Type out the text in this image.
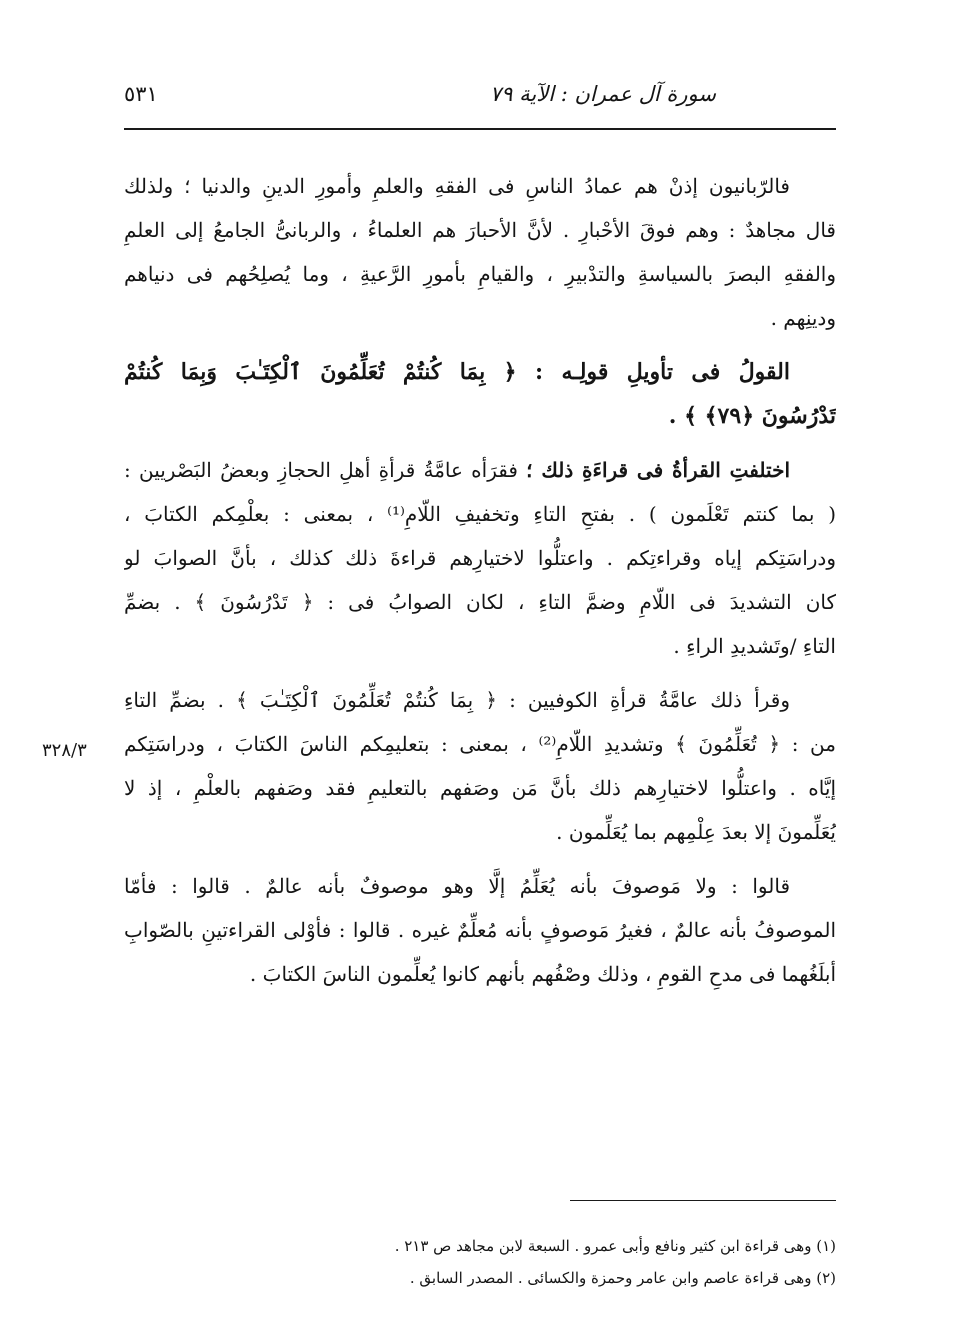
سورة آل عمران : الآية ٧٩
٥٣١
فالرّبانيون إذنْ هم عمادُ الناسِ فى الفقهِ والعلمِ وأمورِ الدينِ والدنيا ؛ ولذلك
قال مجاهدٌ : وهم فوقَ الأحْبارِ . لأنَّ الأحبارَ هم العلماءُ ، والربانىُّ الجامعُ إلى العلمِ
والفقهِ البصرَ بالسياسةِ والتدْبيرِ ، والقيامِ بأمورِ الرَّعيةِ ، وما يُصلِحُهم فى دنياهم
ودينِهم .
القولُ فى تأويلِ قولِـه : ﴿ بِمَا كُنتُمْ تُعَلِّمُونَ ٱلْكِتَـٰبَ وَبِمَا كُنتُمْ
تَدْرُسُونَ ﴿٧٩﴾ ﴾ .
اختلفتِ القرأةُ فى قراءَةِ ذلك ؛ فقرَأه عامَّةُ قرأةِ أهلِ الحجازِ وبعضُ البَصْريين :
( بما كنتم تَعْلَمون ) . بفتحِ التاءِ وتخفيفِ اللّامِ⁽¹⁾ ، بمعنى : بعلْمِكم الكتابَ ،
ودراسَتِكم إياه وقراءتِكم . واعتلُّوا لاختيارِهم قراءةَ ذلك كذلك ، بأنَّ الصوابَ لو
كان التشديدَ فى اللّامِ وضمَّ التاءِ ، لكان الصوابُ فى : ﴿ تَدْرُسُونَ ﴾ . بضمِّ
التاءِ /وتَشديدِ الراءِ .
وقرأ ذلك عامَّةُ قرأةِ الكوفيين : ﴿ بِمَا كُنتُمْ تُعَلِّمُونَ ٱلْكِتَـٰبَ ﴾ . بضمِّ التاءِ
من : ﴿ تُعَلِّمُونَ ﴾ وتشديدِ اللّامِ⁽²⁾ ، بمعنى : بتعليمِكم الناسَ الكتابَ ، ودراسَتِكم
إيَّاه . واعتلُّوا لاختيارِهم ذلك بأنَّ مَن وصَفهم بالتعليمِ فقد وصَفهم بالعلْمِ ، إذ لا
يُعَلِّمونَ إلا بعدَ عِلْمِهم بما يُعَلِّمون .
قالوا : ولا مَوصوفَ بأنه يُعَلِّمُ إلَّا وهو موصوفٌ بأنه عالمٌ . قالوا : فأمّا
الموصوفُ بأنه عالمٌ ، فغيرُ مَوصوفٍ بأنه مُعلِّمٌ غيره . قالوا : فأوْلى القراءتينِ بالصّوابِ
أبلَغُهما فى مدحِ القومِ ، وذلك وصْفُهم بأنهم كانوا يُعلِّمون الناسَ الكتابَ .
٣٢٨/٣
(١) وهى قراءة ابن كثير ونافع وأبى عمرو . السبعة لابن مجاهد ص ٢١٣ .
(٢) وهى قراءة عاصم وابن عامر وحمزة والكسائى . المصدر السابق .
